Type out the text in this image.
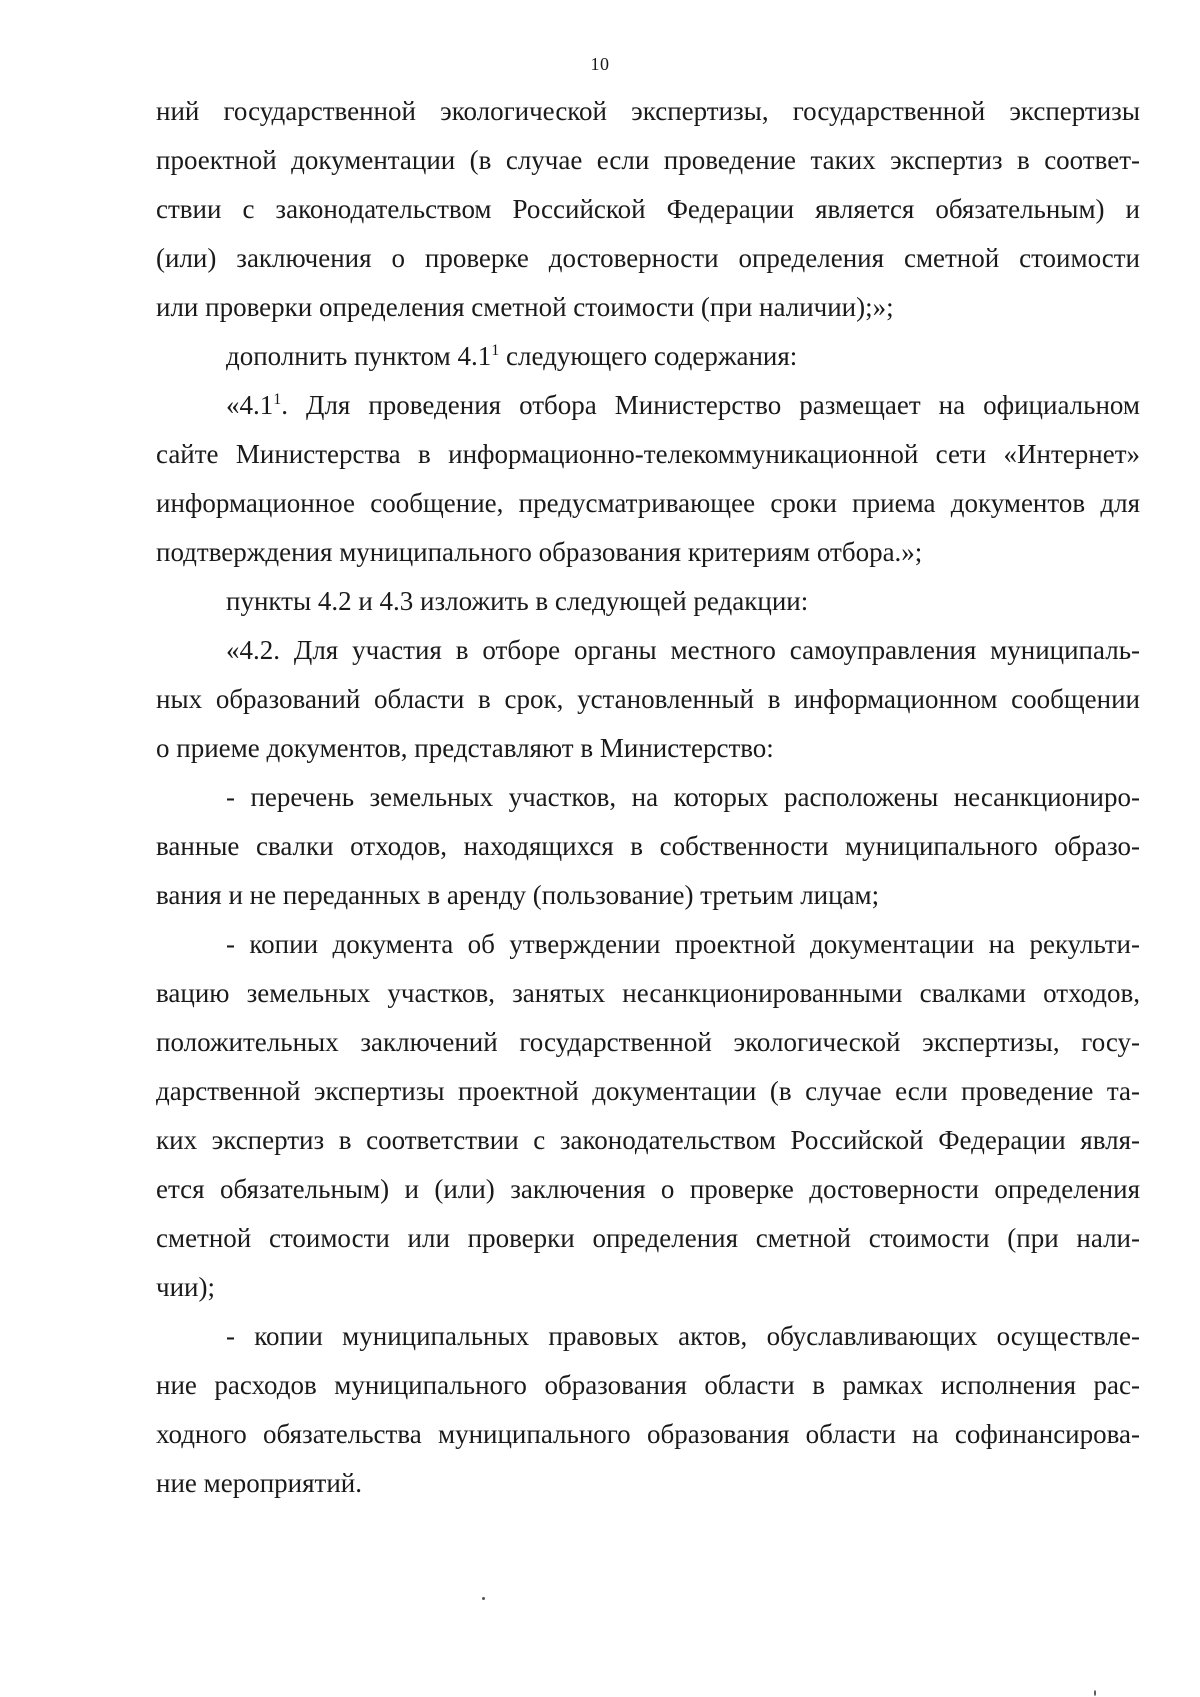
10
ний государственной экологической экспертизы, государственной экспертизы
проектной документации (в случае если проведение таких экспертиз в соответ-
ствии с законодательством Российской Федерации является обязательным) и
(или) заключения о проверке достоверности определения сметной стоимости
или проверки определения сметной стоимости (при наличии);»;
дополнить пунктом $4.1^1$ следующего содержания:
«$4.1^1$. Для проведения отбора Министерство размещает на официальном
сайте Министерства в информационно-телекоммуникационной сети «Интернет»
информационное сообщение, предусматривающее сроки приема документов для
подтверждения муниципального образования критериям отбора.»;
пункты 4.2 и 4.3 изложить в следующей редакции:
«4.2. Для участия в отборе органы местного самоуправления муниципаль-
ных образований области в срок, установленный в информационном сообщении
о приеме документов, представляют в Министерство:
- перечень земельных участков, на которых расположены несанкциониро-
ванные свалки отходов, находящихся в собственности муниципального образо-
вания и не переданных в аренду (пользование) третьим лицам;
- копии документа об утверждении проектной документации на рекульти-
вацию земельных участков, занятых несанкционированными свалками отходов,
положительных заключений государственной экологической экспертизы, госу-
дарственной экспертизы проектной документации (в случае если проведение та-
ких экспертиз в соответствии с законодательством Российской Федерации явля-
ется обязательным) и (или) заключения о проверке достоверности определения
сметной стоимости или проверки определения сметной стоимости (при нали-
чии);
- копии муниципальных правовых актов, обуславливающих осуществле-
ние расходов муниципального образования области в рамках исполнения рас-
ходного обязательства муниципального образования области на софинансирова-
ние мероприятий.
